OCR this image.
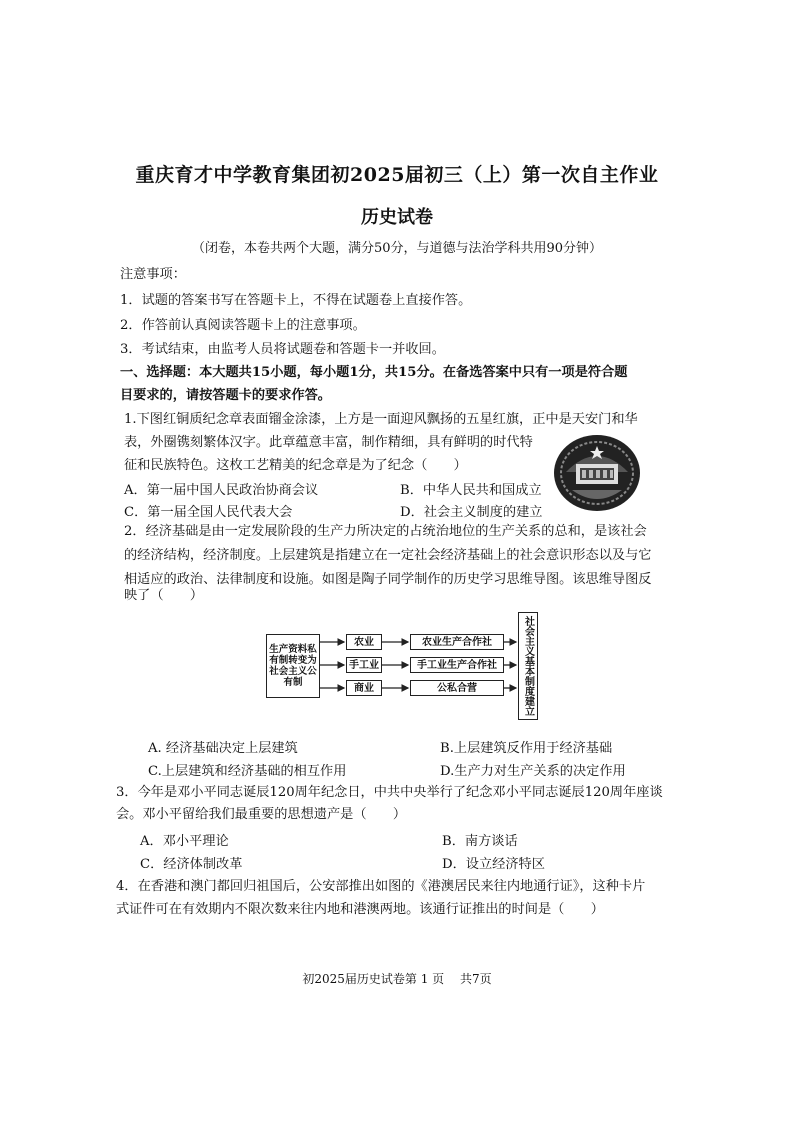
重庆育才中学教育集团初2025届初三（上）第一次自主作业
历史试卷
（闭卷，本卷共两个大题，满分50分，与道德与法治学科共用90分钟）
注意事项：
1．试题的答案书写在答题卡上，不得在试题卷上直接作答。
2．作答前认真阅读答题卡上的注意事项。
3．考试结束，由监考人员将试题卷和答题卡一并收回。
一、选择题：本大题共15小题，每小题1分，共15分。在备选答案中只有一项是符合题
目要求的，请按答题卡的要求作答。
1.下图红铜质纪念章表面镏金涂漆，上方是一面迎风飘扬的五星红旗，正中是天安门和华
表，外圈镌刻繁体汉字。此章蕴意丰富，制作精细，具有鲜明的时代特
征和民族特色。这枚工艺精美的纪念章是为了纪念（　　）
A．第一届中国人民政治协商会议	B．中华人民共和国成立
C．第一届全国人民代表大会	D．社会主义制度的建立
2．经济基础是由一定发展阶段的生产力所决定的占统治地位的生产关系的总和，是该社会
的经济结构，经济制度。上层建筑是指建立在一定社会经济基础上的社会意识形态以及与它
相适应的政治、法律制度和设施。如图是陶子同学制作的历史学习思维导图。该思维导图反
映了（　　）
生产资料私有制转变为社会主义公有制
农业
手工业
商业
农业生产合作社
手工业生产合作社
公私合营	社会主义基本制度建立
A. 经济基础决定上层建筑	B.上层建筑反作用于经济基础
C.上层建筑和经济基础的相互作用	D.生产力对生产关系的决定作用
3．今年是邓小平同志诞辰120周年纪念日，中共中央举行了纪念邓小平同志诞辰120周年座谈
会。邓小平留给我们最重要的思想遗产是（　　）
A．邓小平理论	B．南方谈话
C．经济体制改革	D．设立经济特区
4．在香港和澳门都回归祖国后，公安部推出如图的《港澳居民来往内地通行证》，这种卡片
式证件可在有效期内不限次数来往内地和港澳两地。该通行证推出的时间是（　　）
初2025届历史试卷第 1 页　 共7页
